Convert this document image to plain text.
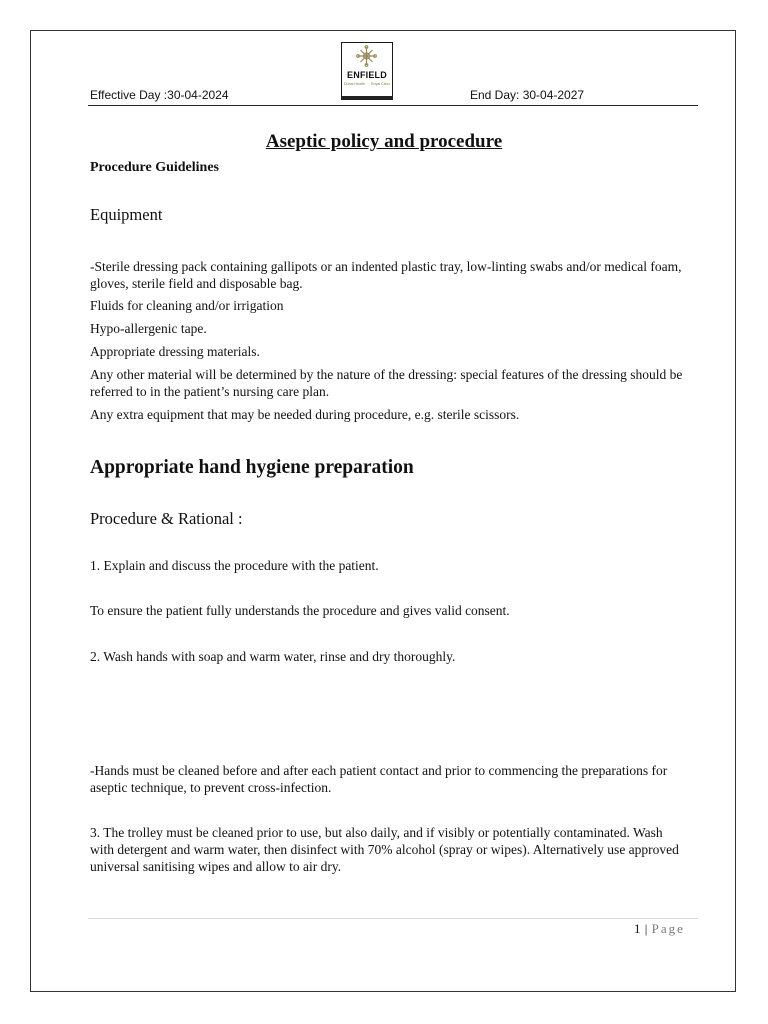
Effective Day :30-04-2024
ENFIELD
Dubai Health Royal Clinic
End Day: 30-04-2027
Aseptic policy and procedure
Procedure Guidelines
Equipment
-Sterile dressing pack containing gallipots or an indented plastic tray, low-linting swabs and/or medical foam, gloves, sterile field and disposable bag.
Fluids for cleaning and/or irrigation
Hypo-allergenic tape.
Appropriate dressing materials.
Any other material will be determined by the nature of the dressing: special features of the dressing should be referred to in the patient’s nursing care plan.
Any extra equipment that may be needed during procedure, e.g. sterile scissors.
Appropriate hand hygiene preparation
Procedure & Rational :
1. Explain and discuss the procedure with the patient.
To ensure the patient fully understands the procedure and gives valid consent.
2. Wash hands with soap and warm water, rinse and dry thoroughly.
-Hands must be cleaned before and after each patient contact and prior to commencing the preparations for aseptic technique, to prevent cross-infection.
3. The trolley must be cleaned prior to use, but also daily, and if visibly or potentially contaminated. Wash with detergent and warm water, then disinfect with 70% alcohol (spray or wipes). Alternatively use approved universal sanitising wipes and allow to air dry.
1 | Page
